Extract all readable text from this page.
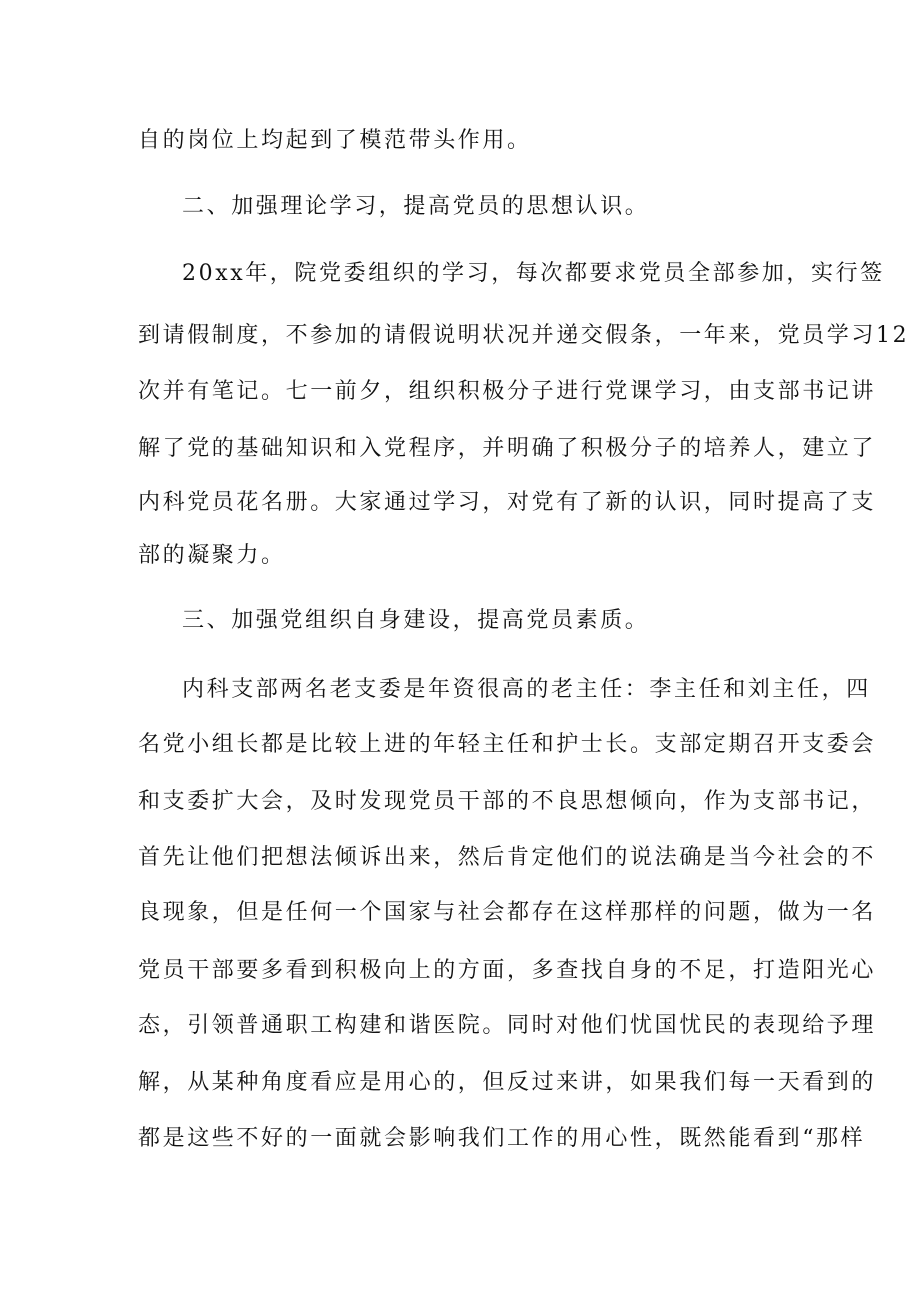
自的岗位上均起到了模范带头作用。
二、加强理论学习，提高党员的思想认识。
20xx年，院党委组织的学习，每次都要求党员全部参加，实行签
到请假制度，不参加的请假说明状况并递交假条，一年来，党员学习12
次并有笔记。七一前夕，组织积极分子进行党课学习，由支部书记讲
解了党的基础知识和入党程序，并明确了积极分子的培养人，建立了
内科党员花名册。大家通过学习，对党有了新的认识，同时提高了支
部的凝聚力。
三、加强党组织自身建设，提高党员素质。
内科支部两名老支委是年资很高的老主任：李主任和刘主任，四
名党小组长都是比较上进的年轻主任和护士长。支部定期召开支委会
和支委扩大会，及时发现党员干部的不良思想倾向，作为支部书记，
首先让他们把想法倾诉出来，然后肯定他们的说法确是当今社会的不
良现象，但是任何一个国家与社会都存在这样那样的问题，做为一名
党员干部要多看到积极向上的方面，多查找自身的不足，打造阳光心
态，引领普通职工构建和谐医院。同时对他们忧国忧民的表现给予理
解，从某种角度看应是用心的，但反过来讲，如果我们每一天看到的
都是这些不好的一面就会影响我们工作的用心性，既然能看到“那样
